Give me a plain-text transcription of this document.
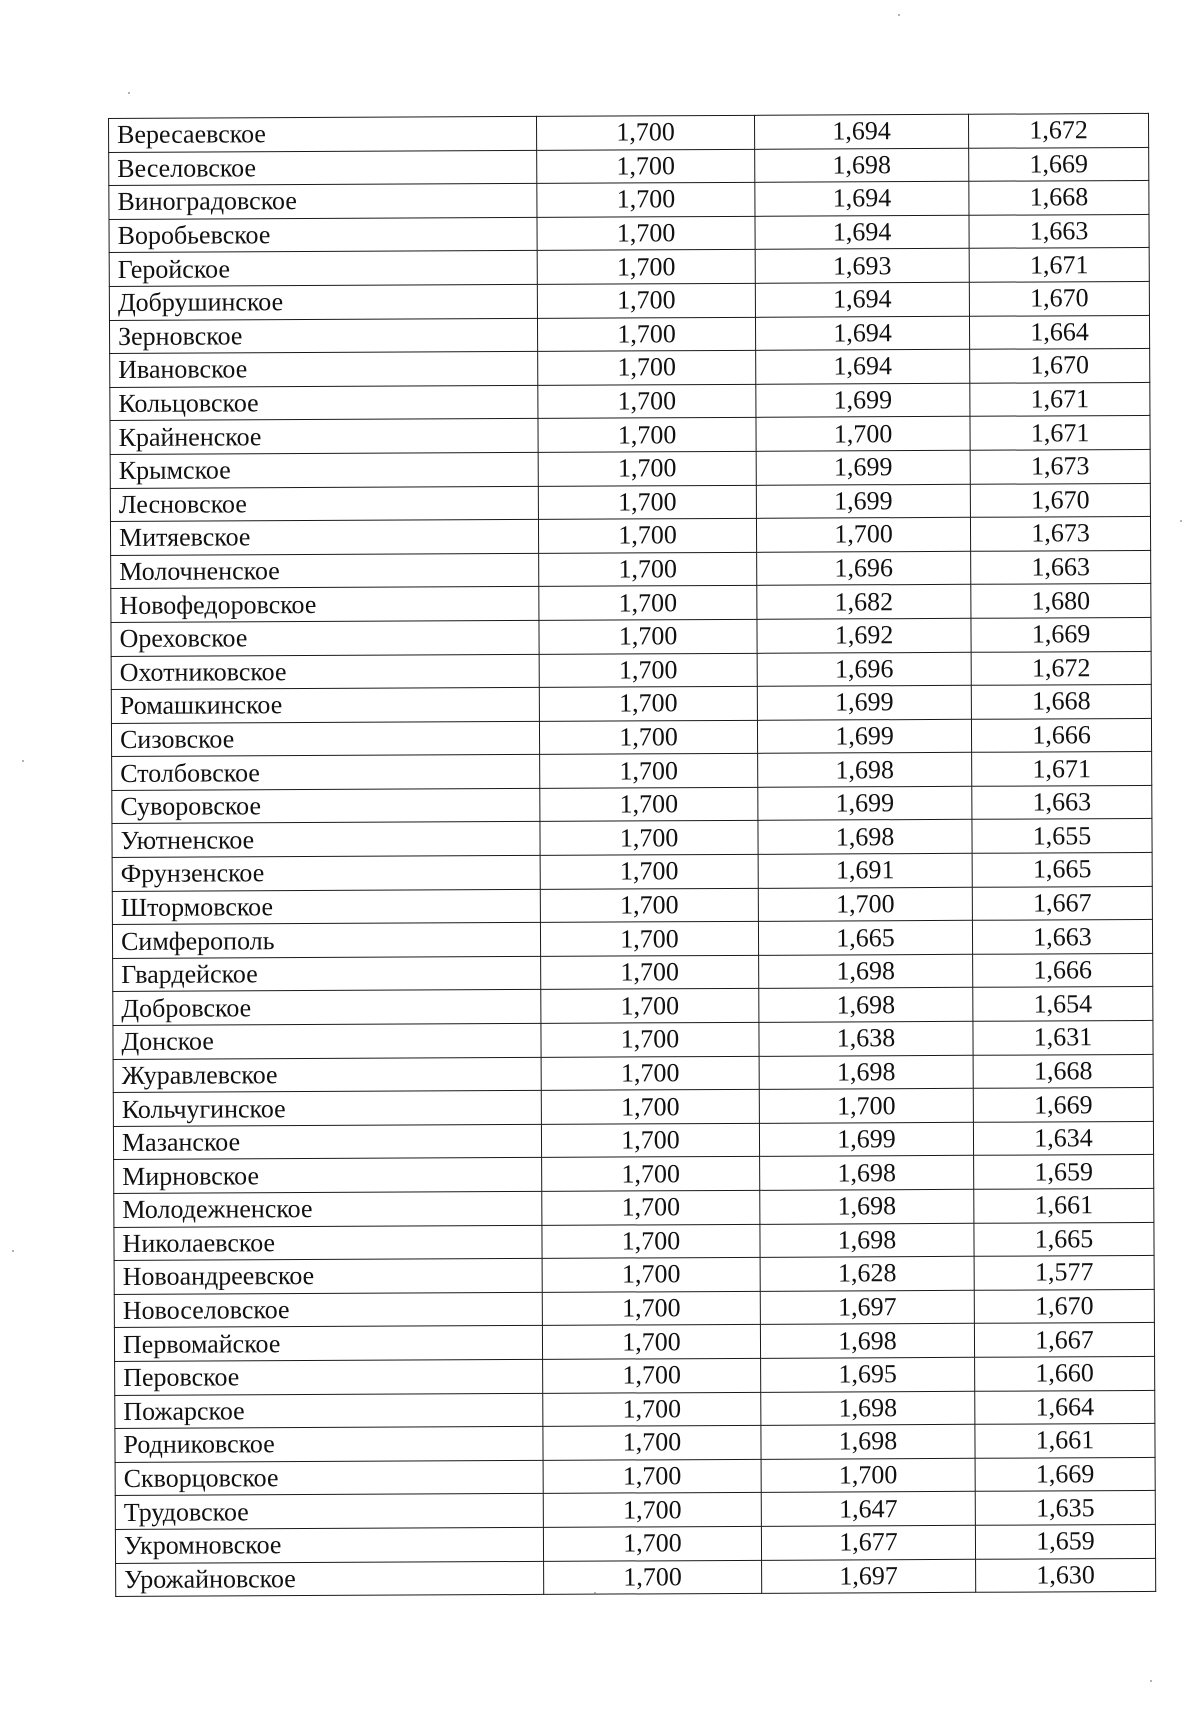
Вересаевское	1,700	1,694	1,672
Веселовское	1,700	1,698	1,669
Виноградовское	1,700	1,694	1,668
Воробьевское	1,700	1,694	1,663
Геройское	1,700	1,693	1,671
Добрушинское	1,700	1,694	1,670
Зерновское	1,700	1,694	1,664
Ивановское	1,700	1,694	1,670
Кольцовское	1,700	1,699	1,671
Крайненское	1,700	1,700	1,671
Крымское	1,700	1,699	1,673
Лесновское	1,700	1,699	1,670
Митяевское	1,700	1,700	1,673
Молочненское	1,700	1,696	1,663
Новофедоровское	1,700	1,682	1,680
Ореховское	1,700	1,692	1,669
Охотниковское	1,700	1,696	1,672
Ромашкинское	1,700	1,699	1,668
Сизовское	1,700	1,699	1,666
Столбовское	1,700	1,698	1,671
Суворовское	1,700	1,699	1,663
Уютненское	1,700	1,698	1,655
Фрунзенское	1,700	1,691	1,665
Штормовское	1,700	1,700	1,667
Симферополь	1,700	1,665	1,663
Гвардейское	1,700	1,698	1,666
Добровское	1,700	1,698	1,654
Донское	1,700	1,638	1,631
Журавлевское	1,700	1,698	1,668
Кольчугинское	1,700	1,700	1,669
Мазанское	1,700	1,699	1,634
Мирновское	1,700	1,698	1,659
Молодежненское	1,700	1,698	1,661
Николаевское	1,700	1,698	1,665
Новоандреевское	1,700	1,628	1,577
Новоселовское	1,700	1,697	1,670
Первомайское	1,700	1,698	1,667
Перовское	1,700	1,695	1,660
Пожарское	1,700	1,698	1,664
Родниковское	1,700	1,698	1,661
Скворцовское	1,700	1,700	1,669
Трудовское	1,700	1,647	1,635
Укромновское	1,700	1,677	1,659
Урожайновское	1,700	1,697	1,630
